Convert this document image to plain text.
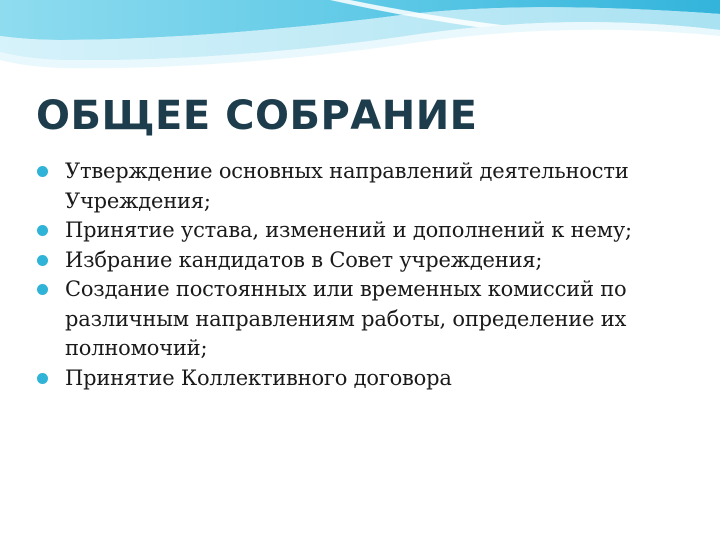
ОБЩЕЕ СОБРАНИЕ
Утверждение основных направлений деятельности Учреждения;
Принятие устава, изменений и дополнений к нему;
Избрание кандидатов в Совет учреждения;
Создание постоянных или временных комиссий по различным направлениям работы, определение их полномочий;
Принятие Коллективного договора
